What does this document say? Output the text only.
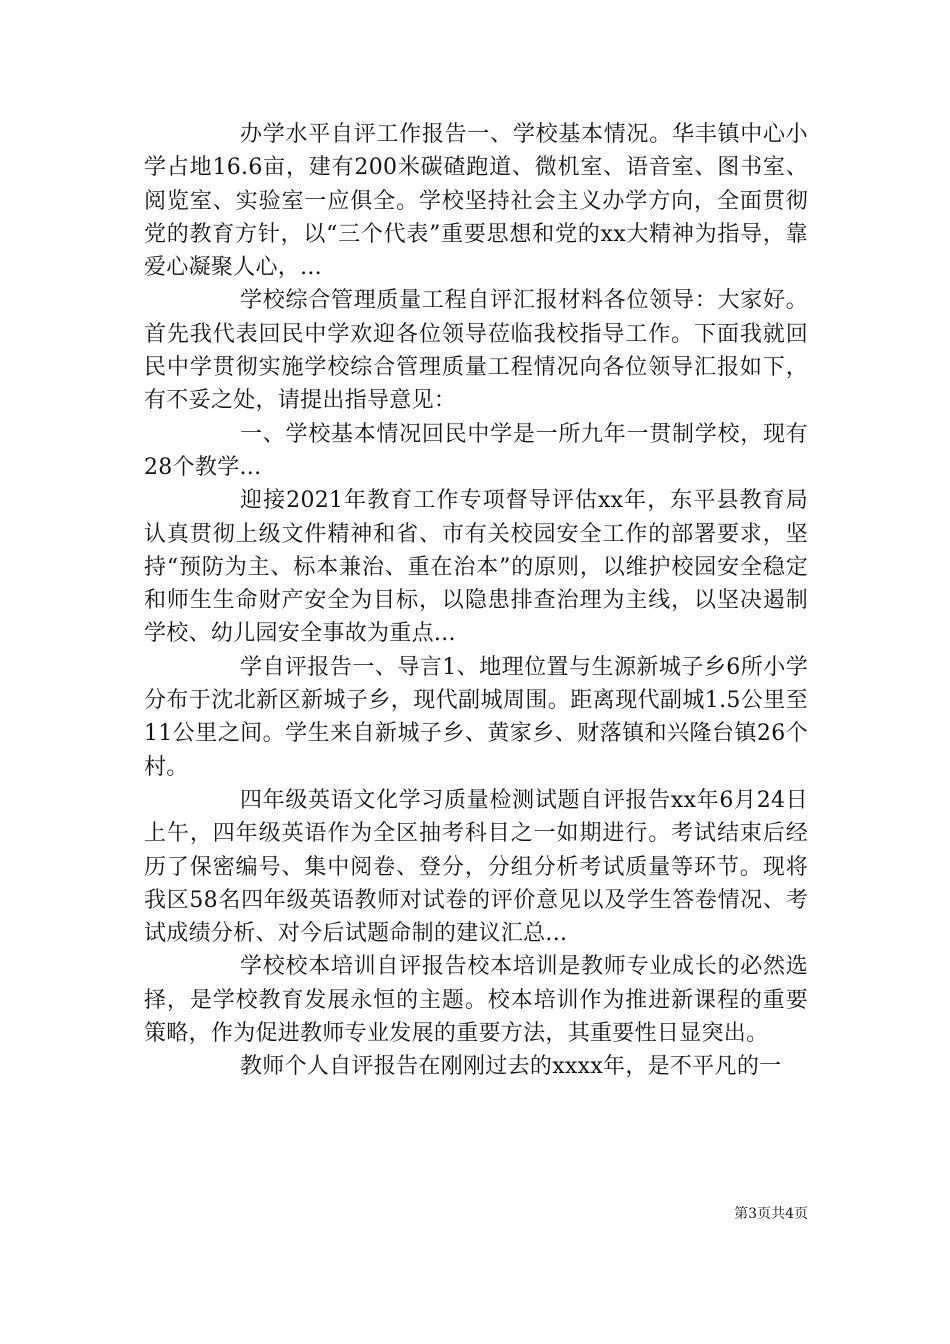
办学水平自评工作报告一、学校基本情况。华丰镇中心小学占地16.6亩，建有200米碳碴跑道、微机室、语音室、图书室、阅览室、实验室一应俱全。学校坚持社会主义办学方向，全面贯彻党的教育方针，以“三个代表”重要思想和党的xx大精神为指导，靠爱心凝聚人心，...

学校综合管理质量工程自评汇报材料各位领导：大家好。首先我代表回民中学欢迎各位领导莅临我校指导工作。下面我就回民中学贯彻实施学校综合管理质量工程情况向各位领导汇报如下，有不妥之处，请提出指导意见：

一、学校基本情况回民中学是一所九年一贯制学校，现有28个教学...

迎接2021年教育工作专项督导评估xx年，东平县教育局认真贯彻上级文件精神和省、市有关校园安全工作的部署要求，坚持“预防为主、标本兼治、重在治本”的原则，以维护校园安全稳定和师生生命财产安全为目标，以隐患排查治理为主线，以坚决遏制学校、幼儿园安全事故为重点...

学自评报告一、导言1、地理位置与生源新城子乡6所小学分布于沈北新区新城子乡，现代副城周围。距离现代副城1.5公里至11公里之间。学生来自新城子乡、黄家乡、财落镇和兴隆台镇26个村。

四年级英语文化学习质量检测试题自评报告xx年6月24日上午，四年级英语作为全区抽考科目之一如期进行。考试结束后经历了保密编号、集中阅卷、登分，分组分析考试质量等环节。现将我区58名四年级英语教师对试卷的评价意见以及学生答卷情况、考试成绩分析、对今后试题命制的建议汇总...

学校校本培训自评报告校本培训是教师专业成长的必然选择，是学校教育发展永恒的主题。校本培训作为推进新课程的重要策略，作为促进教师专业发展的重要方法，其重要性日显突出。

教师个人自评报告在刚刚过去的xxxx年，是不平凡的一

第3页共4页
